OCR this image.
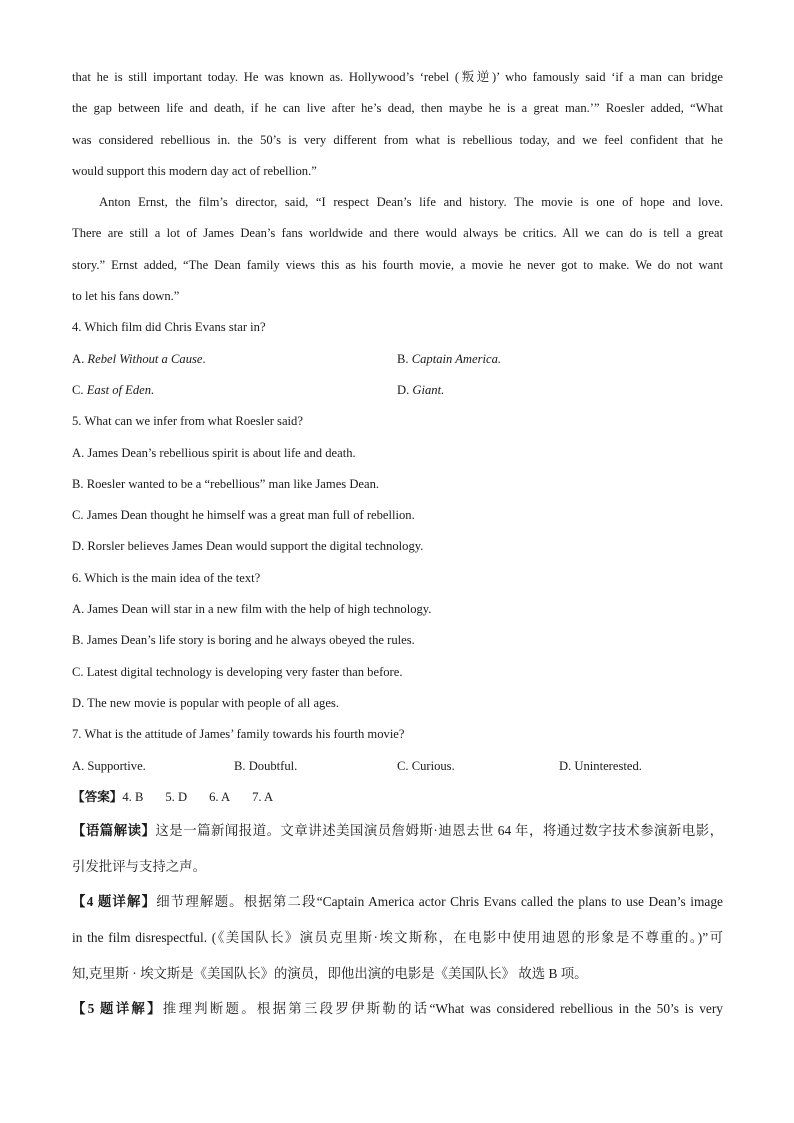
that he is still important today. He was known as. Hollywood’s ‘rebel (叛逆)’ who famously said ‘if a man can bridge
the gap between life and death, if he can live after he’s dead, then maybe he is a great man.’” Roesler added, “What
was considered rebellious in. the 50’s is very different from what is rebellious today, and we feel confident that he
would support this modern day act of rebellion.”
Anton Ernst, the film’s director, said, “I respect Dean’s life and history. The movie is one of hope and love.
There are still a lot of James Dean’s fans worldwide and there would always be critics. All we can do is tell a great
story.” Ernst added, “The Dean family views this as his fourth movie, a movie he never got to make. We do not want
to let his fans down.”
4. Which film did Chris Evans star in?
A. Rebel Without a Cause.	B. Captain America.
C. East of Eden.	D. Giant.
5. What can we infer from what Roesler said?
A. James Dean’s rebellious spirit is about life and death.
B. Roesler wanted to be a “rebellious” man like James Dean.
C. James Dean thought he himself was a great man full of rebellion.
D. Rorsler believes James Dean would support the digital technology.
6. Which is the main idea of the text?
A. James Dean will star in a new film with the help of high technology.
B. James Dean’s life story is boring and he always obeyed the rules.
C. Latest digital technology is developing very faster than before.
D. The new movie is popular with people of all ages.
7. What is the attitude of James’ family towards his fourth movie?
A. Supportive.	B. Doubtful.	C. Curious.	D. Uninterested.
【答案】4. B 5. D 6. A 7. A
【语篇解读】这是一篇新闻报道。文章讲述美国演员詹姆斯·迪恩去世 64 年，将通过数字技术参演新电影，
引发批评与支持之声。
【4 题详解】细节理解题。根据第二段“Captain America actor Chris Evans called the plans to use Dean’s image
in the film disrespectful. (《美国队长》演员克里斯·埃文斯称，在电影中使用迪恩的形象是不尊重的。)”可
知,克里斯 · 埃文斯是《美国队长》的演员，即他出演的电影是《美国队长》 故选 B 项。
【5 题详解】推理判断题。根据第三段罗伊斯勒的话“What was considered rebellious in the 50’s is very
